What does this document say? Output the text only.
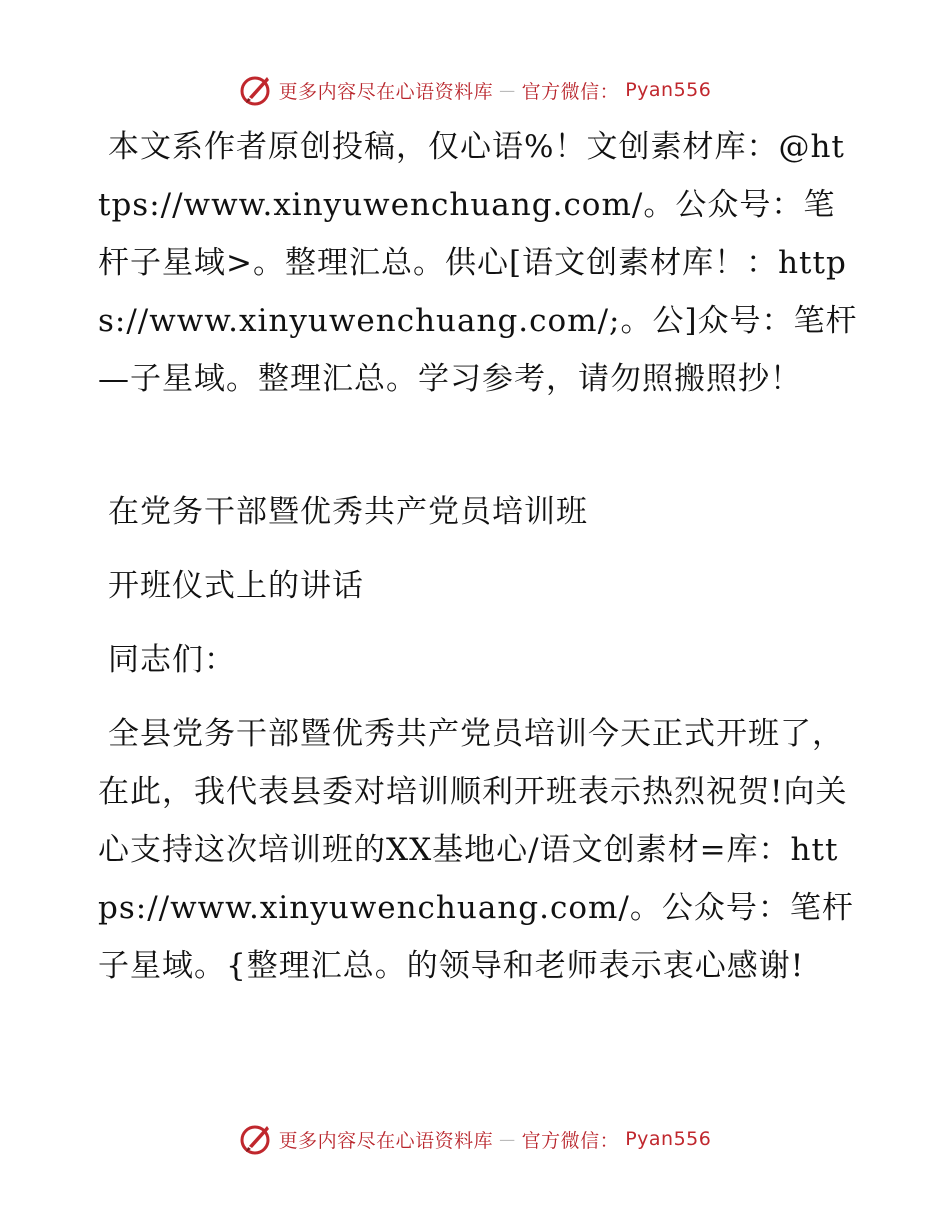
更多内容尽在心语资料库 — 官方微信： Pyan556
本文系作者原创投稿，仅心语%！文创素材库：@https://www.xinyuwenchuang.com/。公众号：笔杆子星域>。整理汇总。供心[语文创素材库！：https://www.xinyuwenchuang.com/;。公]众号：笔杆—子星域。整理汇总。学习参考，请勿照搬照抄！
在党务干部暨优秀共产党员培训班
开班仪式上的讲话
同志们：
全县党务干部暨优秀共产党员培训今天正式开班了，在此，我代表县委对培训顺利开班表示热烈祝贺!向关心支持这次培训班的XX基地心/语文创素材=库：https://www.xinyuwenchuang.com/。公众号：笔杆子星域。{整理汇总。的领导和老师表示衷心感谢!
更多内容尽在心语资料库 — 官方微信： Pyan556
